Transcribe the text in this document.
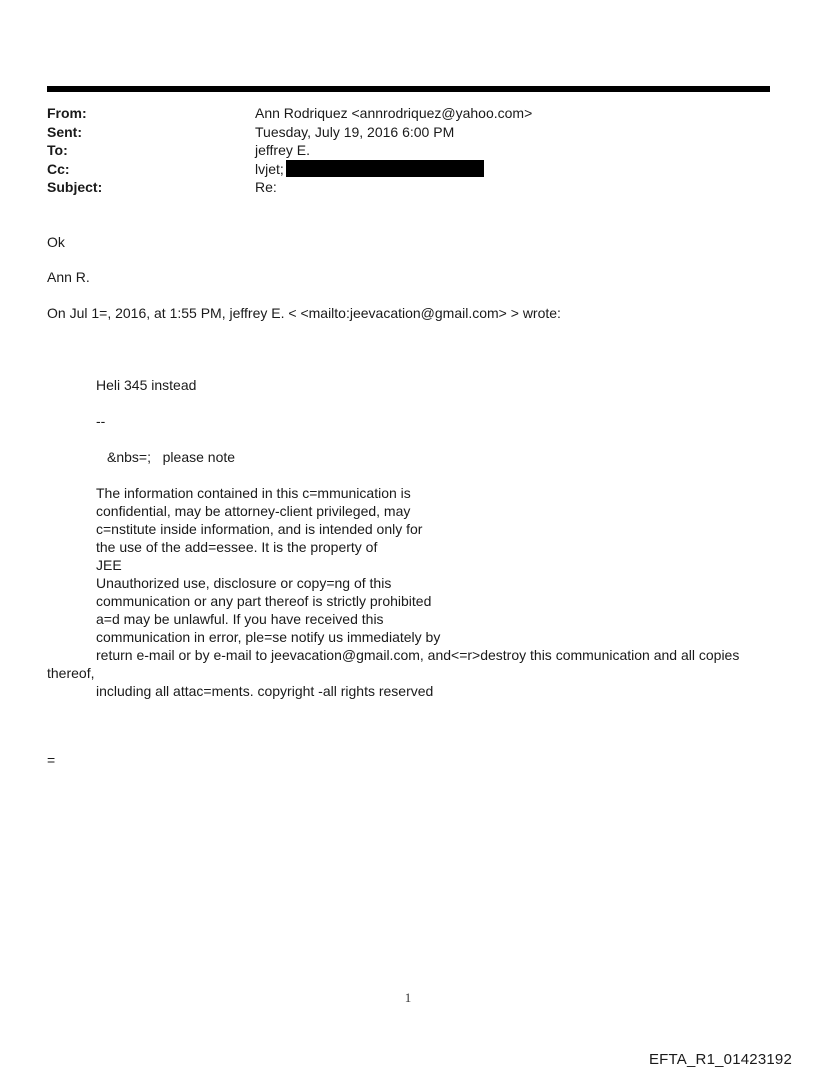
From:	Ann Rodriquez <annrodriquez@yahoo.com>
Sent:	Tuesday, July 19, 2016 6:00 PM
To:	jeffrey E.
Cc:	lvjet;
Subject:	Re:
Ok
Ann R.
On Jul 1=, 2016, at 1:55 PM, jeffrey E. < <mailto:jeevacation@gmail.com> > wrote:
Heli 345 instead
--
&nbs=;   please note
The information contained in this c=mmunication is
confidential, may be attorney-client privileged, may
c=nstitute inside information, and is intended only for
the use of the add=essee. It is the property of
JEE
Unauthorized use, disclosure or copy=ng of this
communication or any part thereof is strictly prohibited
a=d may be unlawful. If you have received this
communication in error, ple=se notify us immediately by
return e-mail or by e-mail to jeevacation@gmail.com, and<=r>destroy this communication and all copies
thereof,
including all attac=ments. copyright -all rights reserved
=
1
EFTA_R1_01423192
